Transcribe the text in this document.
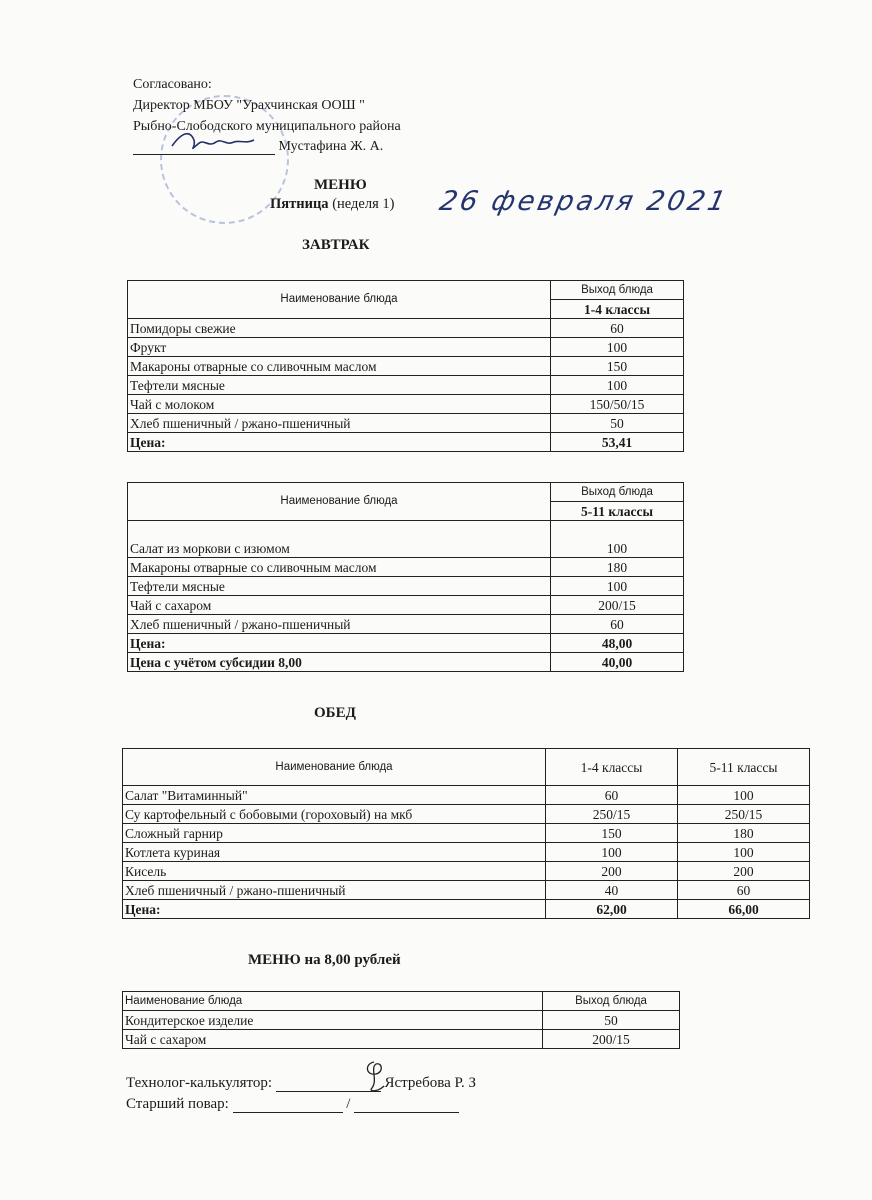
Согласовано:
Директор МБОУ "Урахчинская ООШ "
Рыбно-Слободского муниципального района
Мустафина Ж. А.
МЕНЮ
Пятница (неделя 1) 26 февраля 2021
ЗАВТРАК
Наименование блюда	Выход блюда
	1-4 классы
Помидоры свежие	60
Фрукт	100
Макароны отварные со сливочным маслом	150
Тефтели мясные	100
Чай с молоком	150/50/15
Хлеб пшеничный / ржано-пшеничный	50
Цена:	53,41
Наименование блюда	Выход блюда
	5-11 классы
Салат из моркови с изюмом	100
Макароны отварные со сливочным маслом	180
Тефтели мясные	100
Чай с сахаром	200/15
Хлеб пшеничный / ржано-пшеничный	60
Цена:	48,00
Цена с учётом субсидии 8,00	40,00
ОБЕД
Наименование блюда	1-4 классы	5-11 классы
Салат "Витаминный"	60	100
Су картофельный с бобовыми (гороховый) на мкб	250/15	250/15
Сложный гарнир	150	180
Котлета куриная	100	100
Кисель	200	200
Хлеб пшеничный / ржано-пшеничный	40	60
Цена:	62,00	66,00
МЕНЮ на 8,00 рублей
Наименование блюда	Выход блюда
Кондитерское изделие	50
Чай с сахаром	200/15
Технолог-калькулятор:	Ястребова Р. З
Старший повар:	/
